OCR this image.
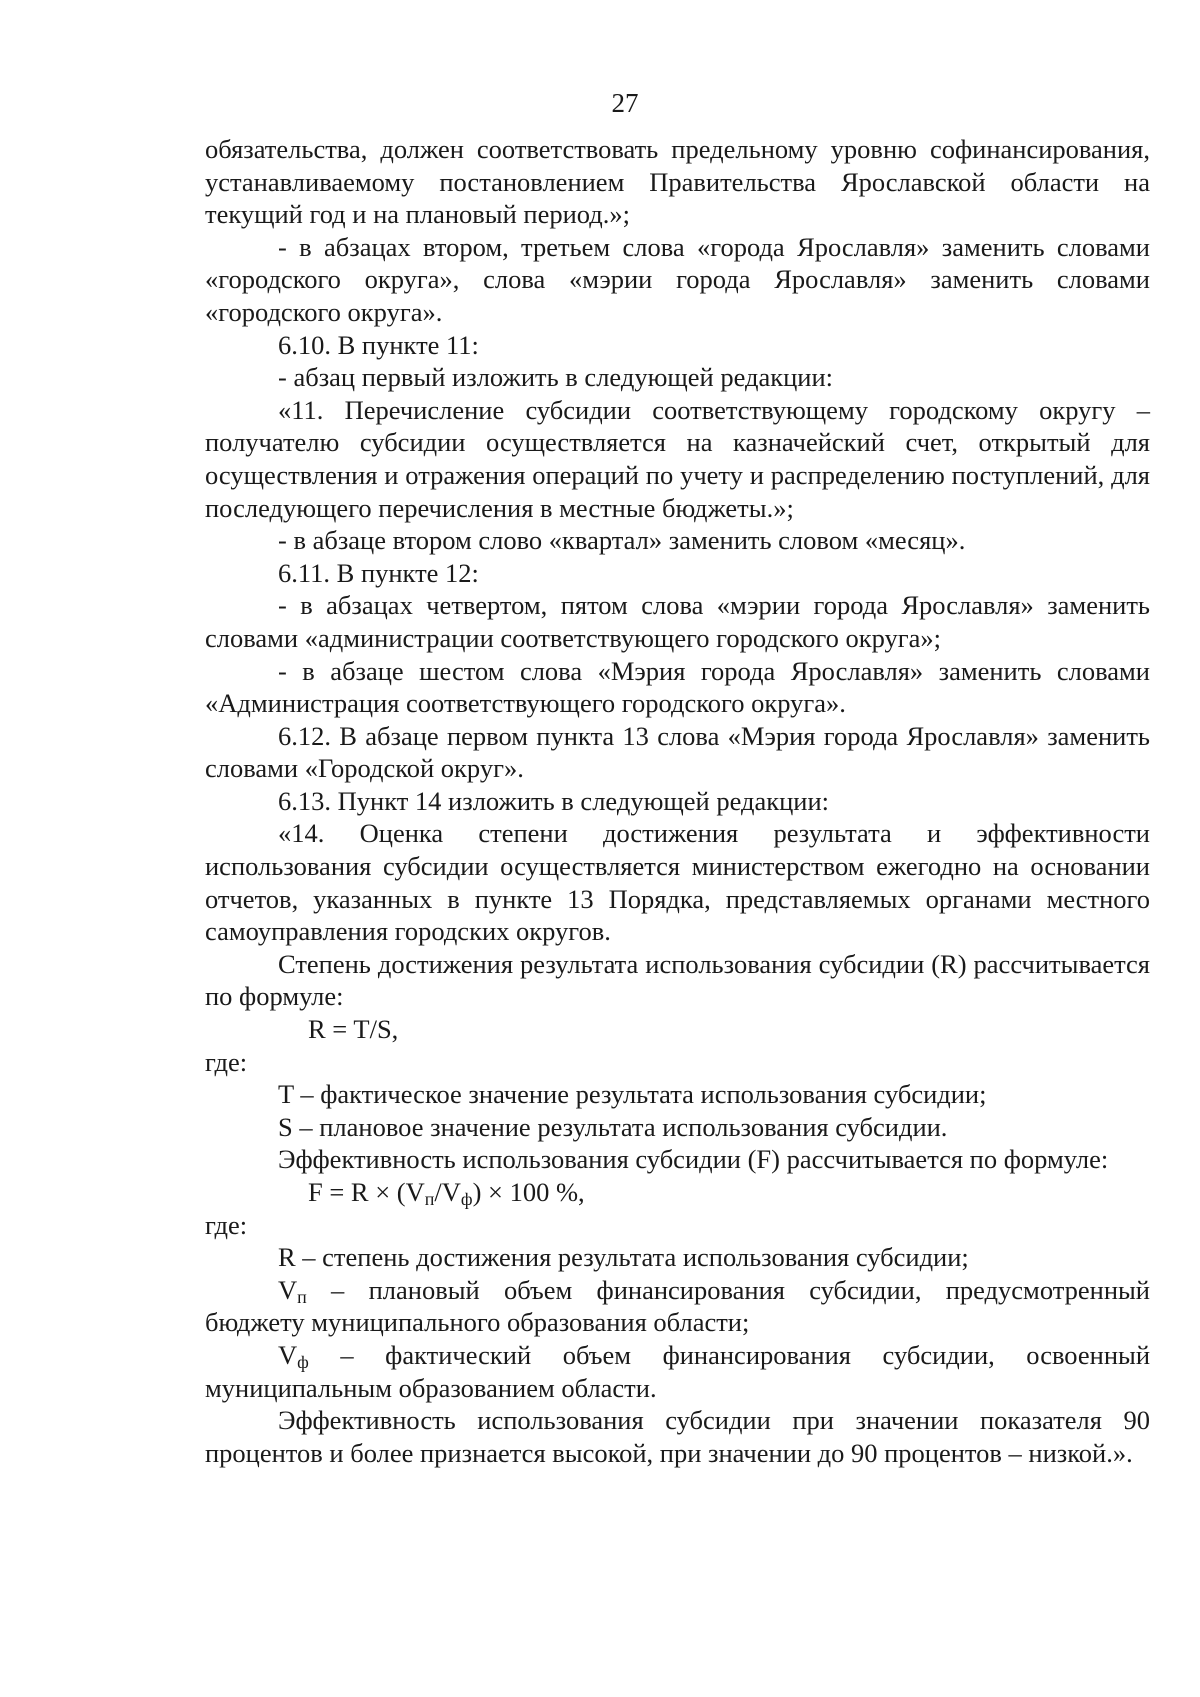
27

обязательства, должен соответствовать предельному уровню софинансирования, устанавливаемому постановлением Правительства Ярославской области на текущий год и на плановый период.»;

- в абзацах втором, третьем слова «города Ярославля» заменить словами «городского округа», слова «мэрии города Ярославля» заменить словами «городского округа».

6.10. В пункте 11:

- абзац первый изложить в следующей редакции:

«11. Перечисление субсидии соответствующему городскому округу – получателю субсидии осуществляется на казначейский счет, открытый для осуществления и отражения операций по учету и распределению поступлений, для последующего перечисления в местные бюджеты.»;

- в абзаце втором слово «квартал» заменить словом «месяц».

6.11. В пункте 12:

- в абзацах четвертом, пятом слова «мэрии города Ярославля» заменить словами «администрации соответствующего городского округа»;

- в абзаце шестом слова «Мэрия города Ярославля» заменить словами «Администрация соответствующего городского округа».

6.12. В абзаце первом пункта 13 слова «Мэрия города Ярославля» заменить словами «Городской округ».

6.13. Пункт 14 изложить в следующей редакции:

«14. Оценка степени достижения результата и эффективности использования субсидии осуществляется министерством ежегодно на основании отчетов, указанных в пункте 13 Порядка, представляемых органами местного самоуправления городских округов.

Степень достижения результата использования субсидии (R) рассчитывается по формуле:

R = T/S,

где:

T – фактическое значение результата использования субсидии;

S – плановое значение результата использования субсидии.

Эффективность использования субсидии (F) рассчитывается по формуле:

$F = R \times (V_п/V_ф) \times 100$ %,

где:

R – степень достижения результата использования субсидии;

$V_п$ – плановый объем финансирования субсидии, предусмотренный бюджету муниципального образования области;

$V_ф$ – фактический объем финансирования субсидии, освоенный муниципальным образованием области.

Эффективность использования субсидии при значении показателя 90 процентов и более признается высокой, при значении до 90 процентов – низкой.».
